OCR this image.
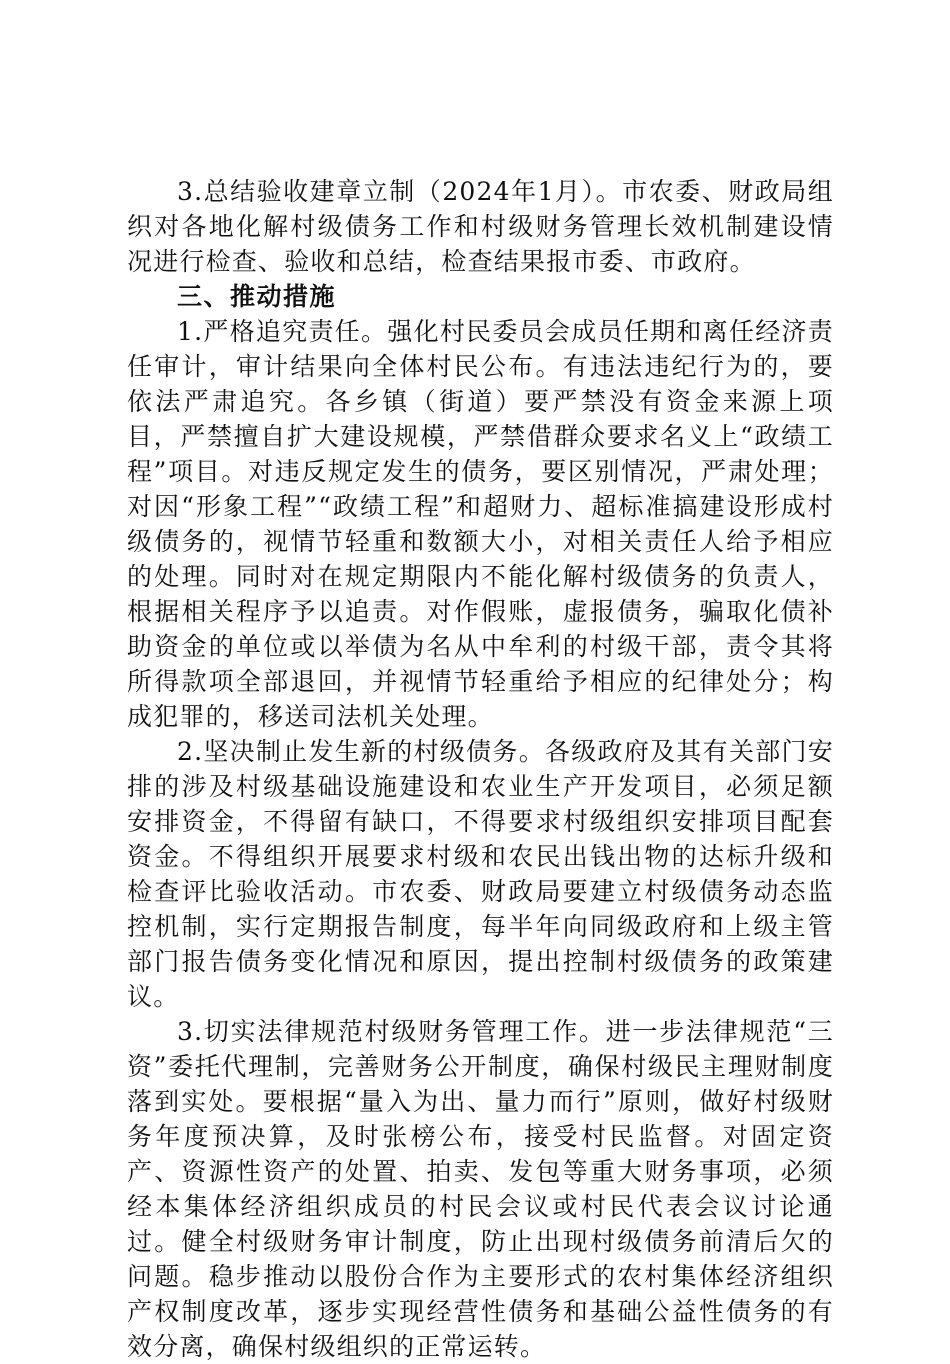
3.总结验收建章立制（2024年1月）。市农委、财政局组织对各地化解村级债务工作和村级财务管理长效机制建设情况进行检查、验收和总结，检查结果报市委、市政府。

三、推动措施

1.严格追究责任。强化村民委员会成员任期和离任经济责任审计，审计结果向全体村民公布。有违法违纪行为的，要依法严肃追究。各乡镇（街道）要严禁没有资金来源上项目，严禁擅自扩大建设规模，严禁借群众要求名义上“政绩工程”项目。对违反规定发生的债务，要区别情况，严肃处理；对因“形象工程”“政绩工程”和超财力、超标准搞建设形成村级债务的，视情节轻重和数额大小，对相关责任人给予相应的处理。同时对在规定期限内不能化解村级债务的负责人，根据相关程序予以追责。对作假账，虚报债务，骗取化债补助资金的单位或以举债为名从中牟利的村级干部，责令其将所得款项全部退回，并视情节轻重给予相应的纪律处分；构成犯罪的，移送司法机关处理。

2.坚决制止发生新的村级债务。各级政府及其有关部门安排的涉及村级基础设施建设和农业生产开发项目，必须足额安排资金，不得留有缺口，不得要求村级组织安排项目配套资金。不得组织开展要求村级和农民出钱出物的达标升级和检查评比验收活动。市农委、财政局要建立村级债务动态监控机制，实行定期报告制度，每半年向同级政府和上级主管部门报告债务变化情况和原因，提出控制村级债务的政策建议。

3.切实法律规范村级财务管理工作。进一步法律规范“三资”委托代理制，完善财务公开制度，确保村级民主理财制度落到实处。要根据“量入为出、量力而行”原则，做好村级财务年度预决算，及时张榜公布，接受村民监督。对固定资产、资源性资产的处置、拍卖、发包等重大财务事项，必须经本集体经济组织成员的村民会议或村民代表会议讨论通过。健全村级财务审计制度，防止出现村级债务前清后欠的问题。稳步推动以股份合作为主要形式的农村集体经济组织产权制度改革，逐步实现经营性债务和基础公益性债务的有效分离，确保村级组织的正常运转。
